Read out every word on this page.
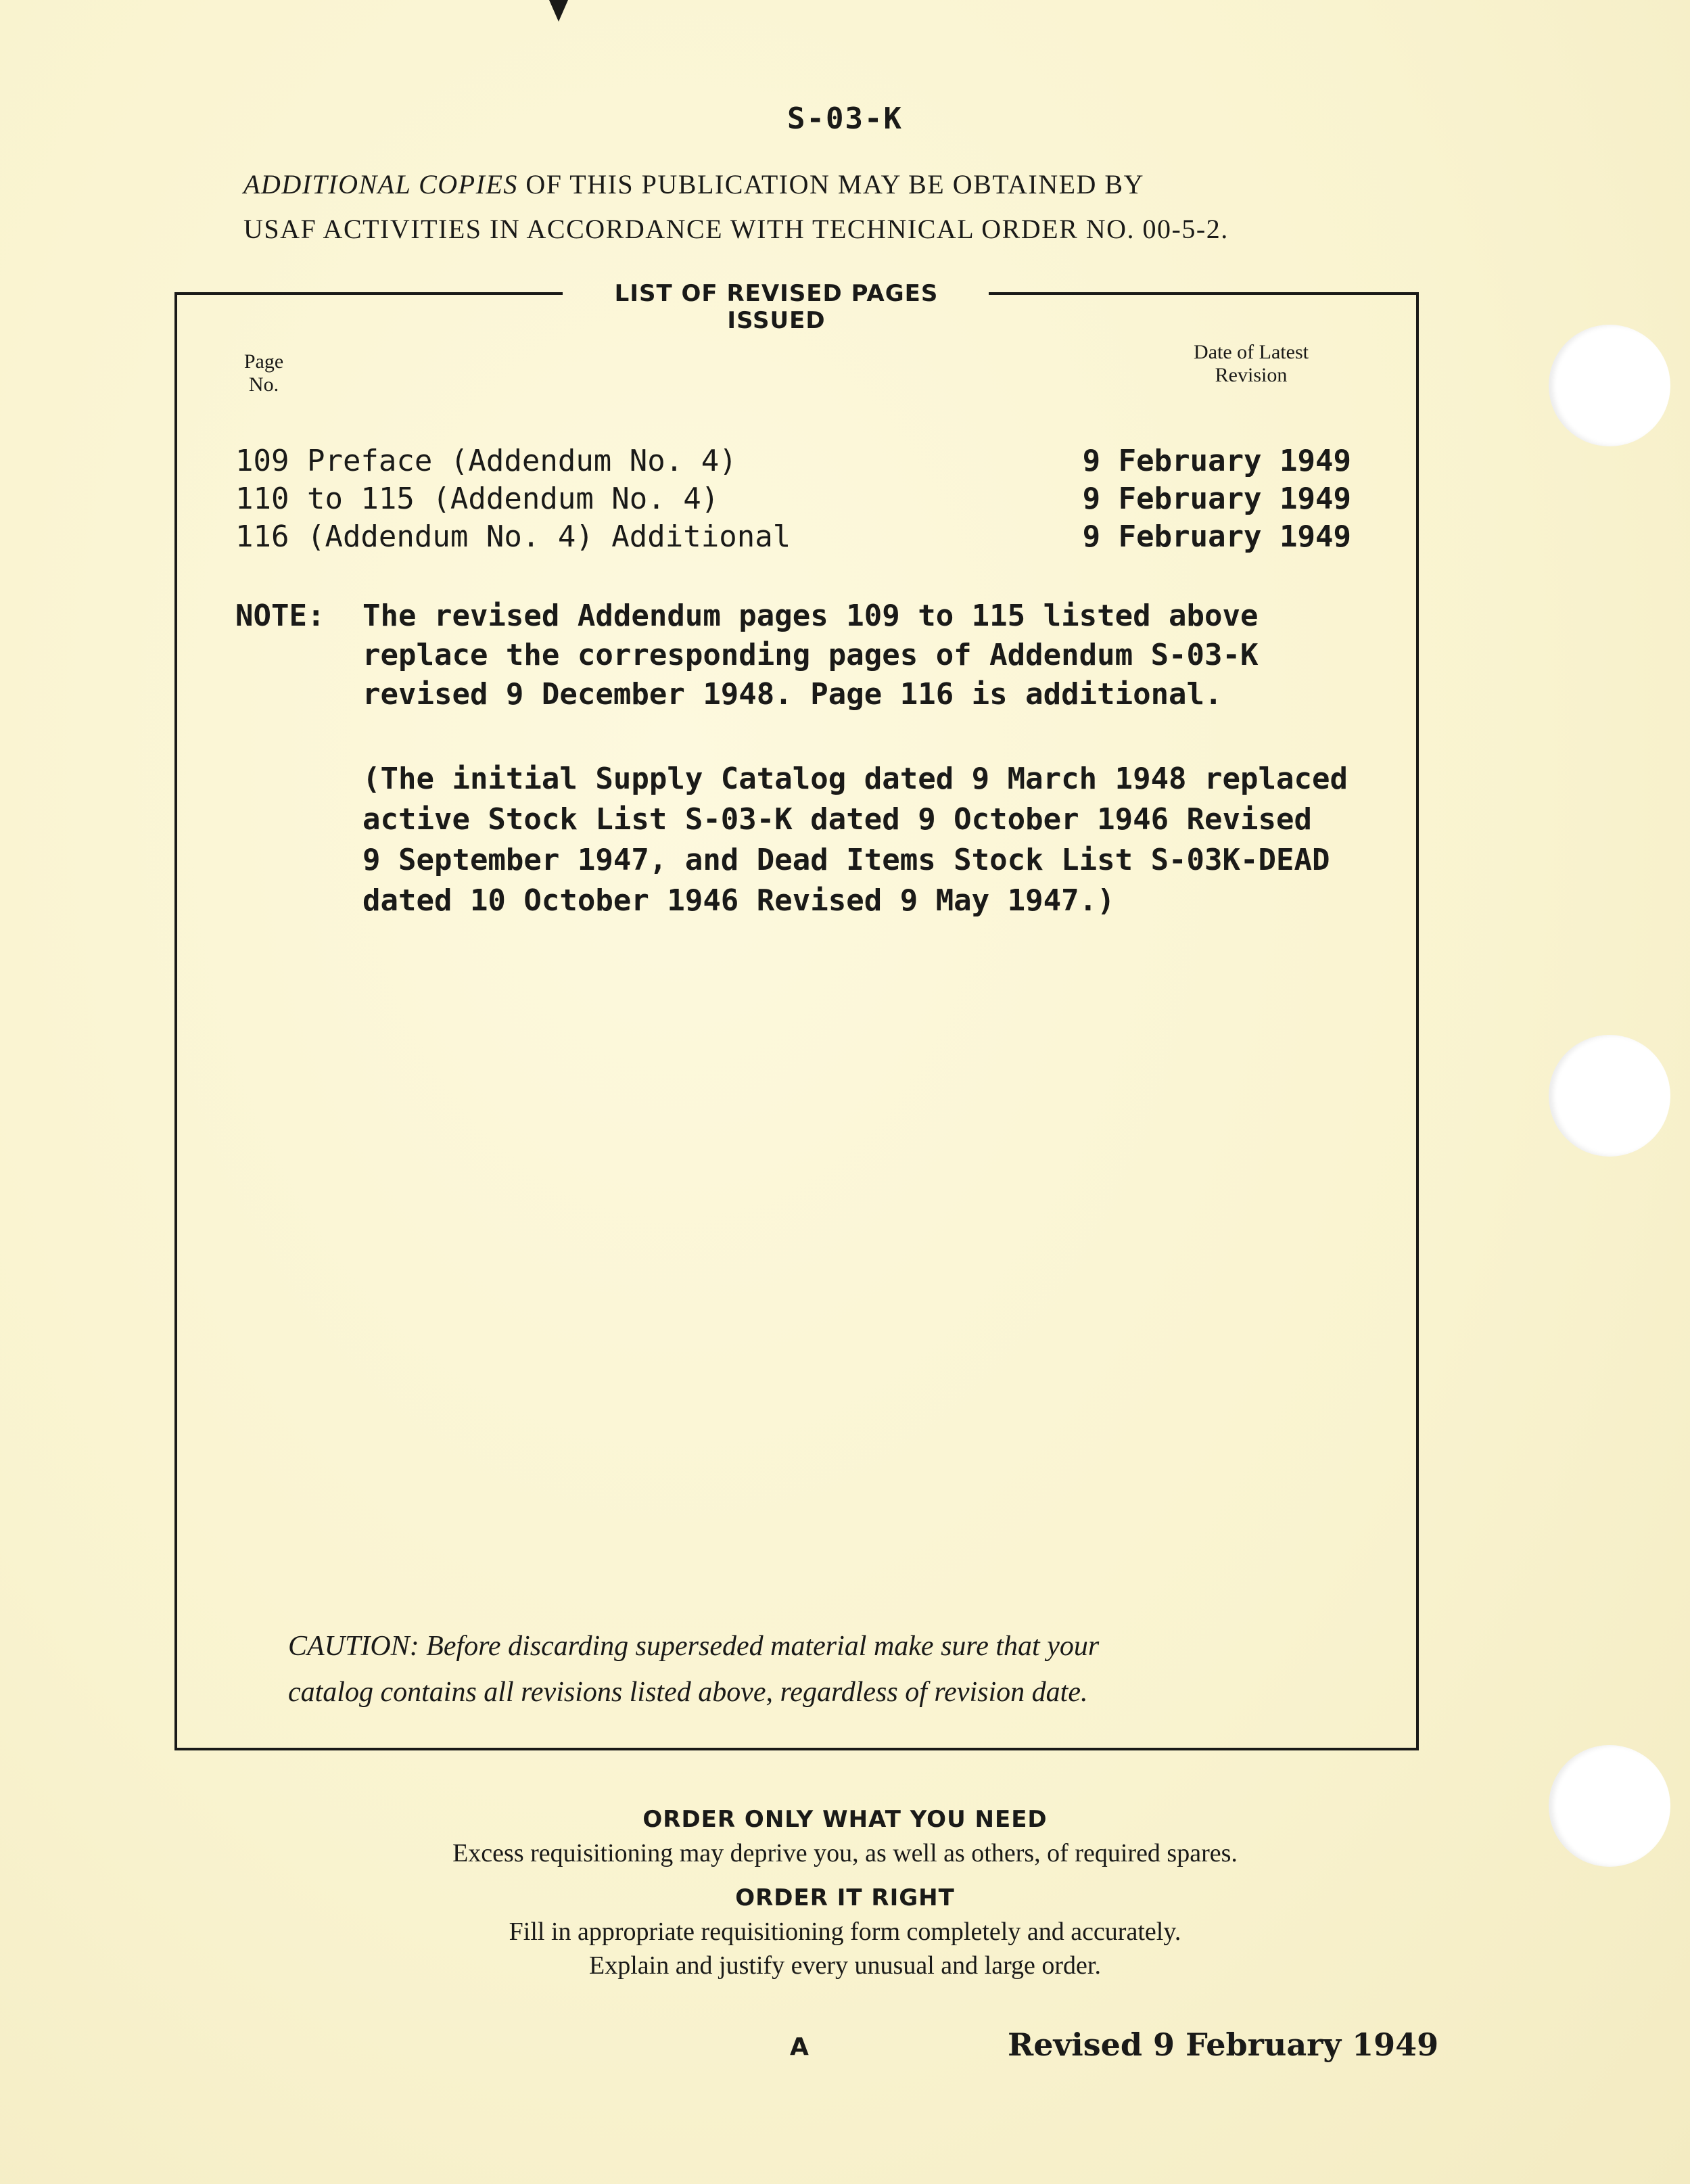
S-03-K
ADDITIONAL COPIES OF THIS PUBLICATION MAY BE OBTAINED BY
USAF ACTIVITIES IN ACCORDANCE WITH TECHNICAL ORDER NO. 00-5-2.
LIST OF REVISED PAGES ISSUED
Page
No.
Date of Latest
Revision
109 Preface (Addendum No. 4)	9 February 1949
110 to 115 (Addendum No. 4)	9 February 1949
116 (Addendum No. 4) Additional	9 February 1949
NOTE: The revised Addendum pages 109 to 115 listed above
replace the corresponding pages of Addendum S-03-K
revised 9 December 1948. Page 116 is additional.
(The initial Supply Catalog dated 9 March 1948 replaced
active Stock List S-03-K dated 9 October 1946 Revised
9 September 1947, and Dead Items Stock List S-03K-DEAD
dated 10 October 1946 Revised 9 May 1947.)
CAUTION: Before discarding superseded material make sure that your
catalog contains all revisions listed above, regardless of revision date.
ORDER ONLY WHAT YOU NEED
Excess requisitioning may deprive you, as well as others, of required spares.
ORDER IT RIGHT
Fill in appropriate requisitioning form completely and accurately.
Explain and justify every unusual and large order.
A	Revised 9 February 1949
